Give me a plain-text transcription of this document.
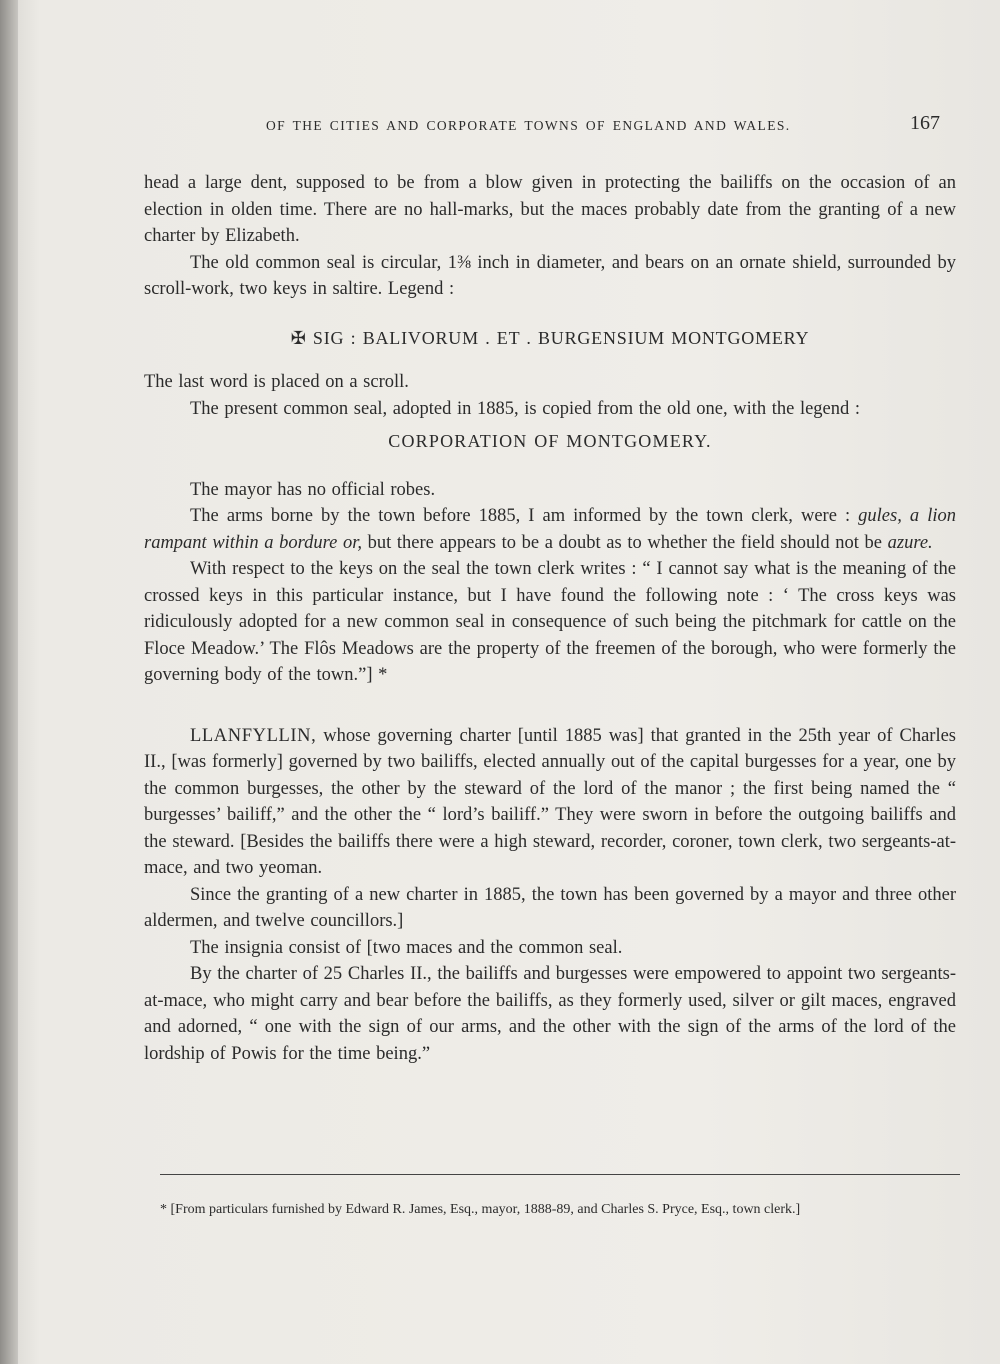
OF THE CITIES AND CORPORATE TOWNS OF ENGLAND AND WALES.	167

head a large dent, supposed to be from a blow given in protecting the bailiffs on the occasion of an election in olden time. There are no hall-marks, but the maces probably date from the granting of a new charter by Elizabeth.

The old common seal is circular, 1⅜ inch in diameter, and bears on an ornate shield, surrounded by scroll-work, two keys in saltire. Legend :

✠ SIG : BALIVORUM . ET . BURGENSIUM MONTGOMERY

The last word is placed on a scroll.

The present common seal, adopted in 1885, is copied from the old one, with the legend :

CORPORATION OF MONTGOMERY.

The mayor has no official robes.

The arms borne by the town before 1885, I am informed by the town clerk, were : gules, a lion rampant within a bordure or, but there appears to be a doubt as to whether the field should not be azure.

With respect to the keys on the seal the town clerk writes : “ I cannot say what is the meaning of the crossed keys in this particular instance, but I have found the following note : ‘ The cross keys was ridiculously adopted for a new common seal in consequence of such being the pitchmark for cattle on the Floce Meadow.’ The Flôs Meadows are the property of the freemen of the borough, who were formerly the governing body of the town.”] *

LLANFYLLIN, whose governing charter [until 1885 was] that granted in the 25th year of Charles II., [was formerly] governed by two bailiffs, elected annually out of the capital burgesses for a year, one by the common burgesses, the other by the steward of the lord of the manor ; the first being named the “ burgesses’ bailiff,” and the other the “ lord’s bailiff.” They were sworn in before the outgoing bailiffs and the steward. [Besides the bailiffs there were a high steward, recorder, coroner, town clerk, two sergeants-at-mace, and two yeoman.

Since the granting of a new charter in 1885, the town has been governed by a mayor and three other aldermen, and twelve councillors.]

The insignia consist of [two maces and the common seal.

By the charter of 25 Charles II., the bailiffs and burgesses were empowered to appoint two sergeants-at-mace, who might carry and bear before the bailiffs, as they formerly used, silver or gilt maces, engraved and adorned, “ one with the sign of our arms, and the other with the sign of the arms of the lord of the lordship of Powis for the time being.”

* [From particulars furnished by Edward R. James, Esq., mayor, 1888-89, and Charles S. Pryce, Esq., town clerk.]
